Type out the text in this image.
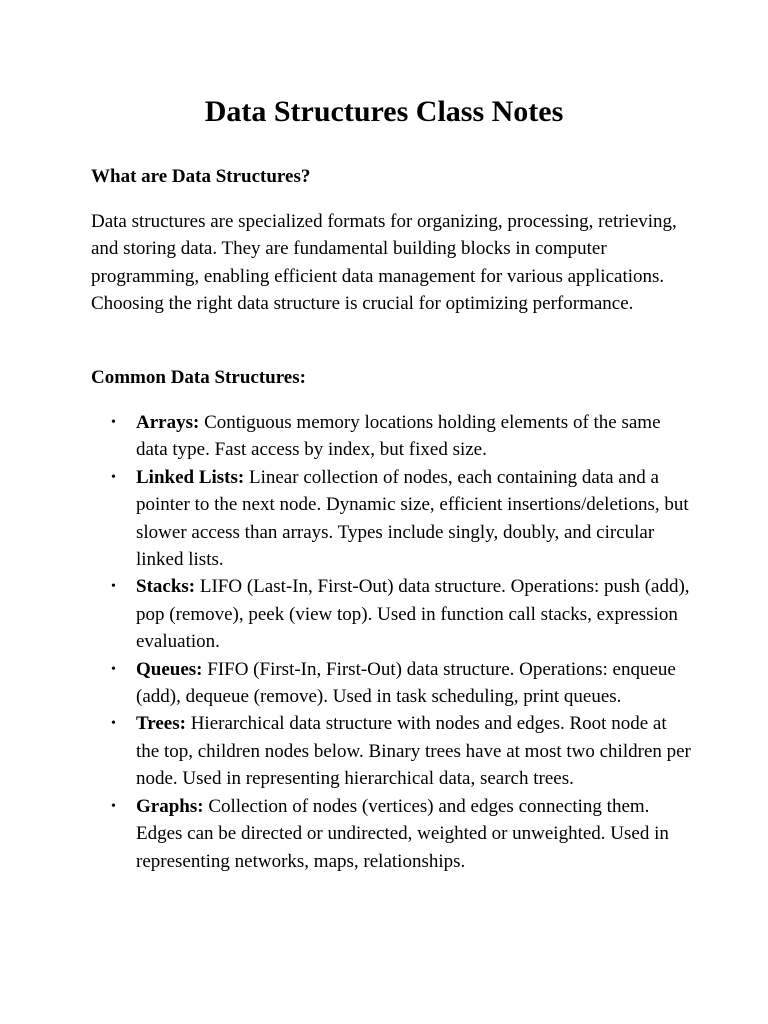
Data Structures Class Notes
What are Data Structures?

Data structures are specialized formats for organizing, processing, retrieving, and storing data. They are fundamental building blocks in computer programming, enabling efficient data management for various applications. Choosing the right data structure is crucial for optimizing performance.

Common Data Structures:
• Arrays: Contiguous memory locations holding elements of the same data type. Fast access by index, but fixed size.
• Linked Lists: Linear collection of nodes, each containing data and a pointer to the next node. Dynamic size, efficient insertions/deletions, but slower access than arrays. Types include singly, doubly, and circular linked lists.
• Stacks: LIFO (Last-In, First-Out) data structure. Operations: push (add), pop (remove), peek (view top). Used in function call stacks, expression evaluation.
• Queues: FIFO (First-In, First-Out) data structure. Operations: enqueue (add), dequeue (remove). Used in task scheduling, print queues.
• Trees: Hierarchical data structure with nodes and edges. Root node at the top, children nodes below. Binary trees have at most two children per node. Used in representing hierarchical data, search trees.
• Graphs: Collection of nodes (vertices) and edges connecting them. Edges can be directed or undirected, weighted or unweighted. Used in representing networks, maps, relationships.
